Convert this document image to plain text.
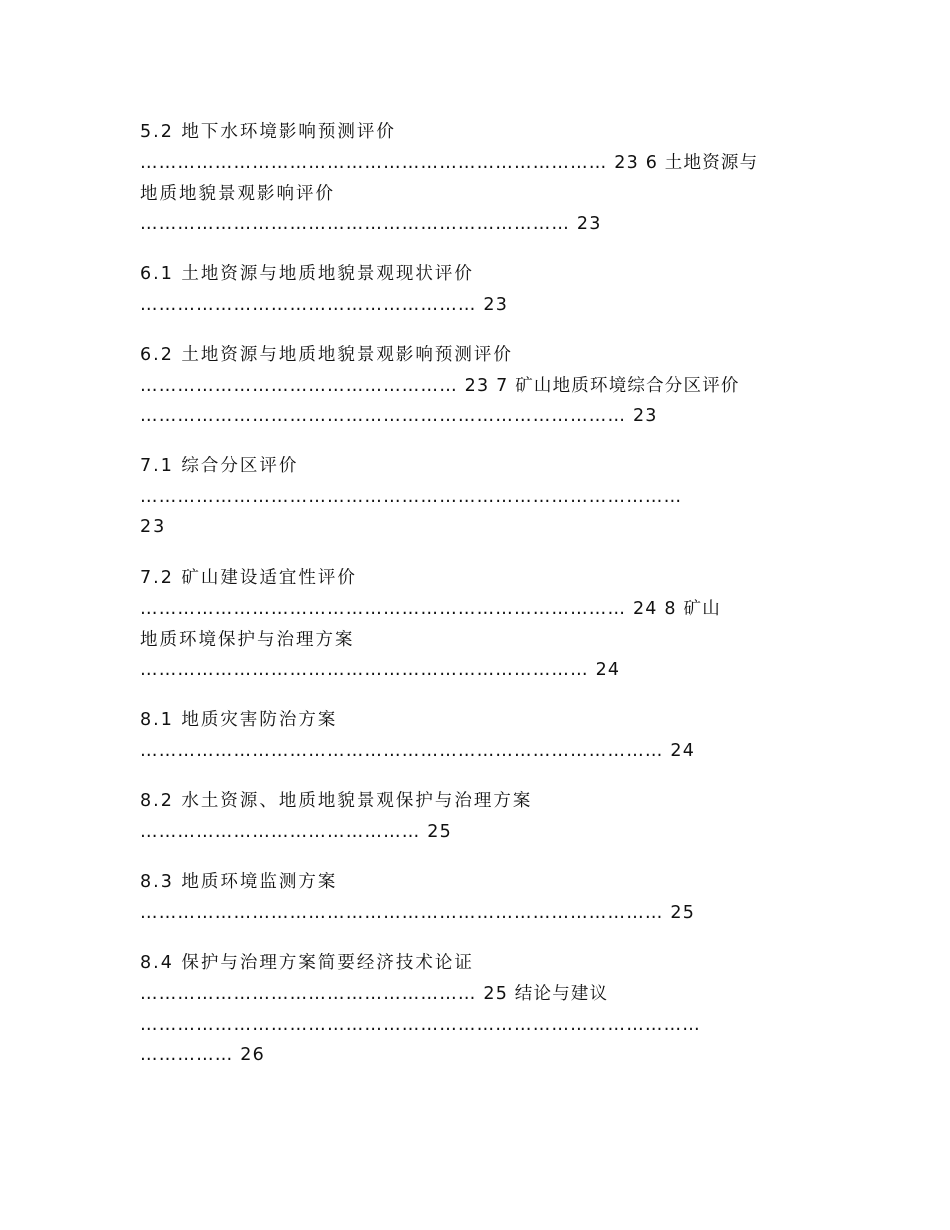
5.2 地下水环境影响预测评价
………………………………………………………………… 23 6 土地资源与
地质地貌景观影响评价
…………………………………………………………… 23
6.1 土地资源与地质地貌景观现状评价
……………………………………………… 23
6.2 土地资源与地质地貌景观影响预测评价
…………………………………………… 23 7 矿山地质环境综合分区评价
…………………………………………………………………… 23
7.1 综合分区评价
……………………………………………………………………………
23
7.2 矿山建设适宜性评价
…………………………………………………………………… 24 8 矿山
地质环境保护与治理方案
……………………………………………………………… 24
8.1 地质灾害防治方案
………………………………………………………………………… 24
8.2 水土资源、地质地貌景观保护与治理方案
……………………………………… 25
8.3 地质环境监测方案
………………………………………………………………………… 25
8.4 保护与治理方案简要经济技术论证
……………………………………………… 25 结论与建议
………………………………………………………………………………
…………… 26
